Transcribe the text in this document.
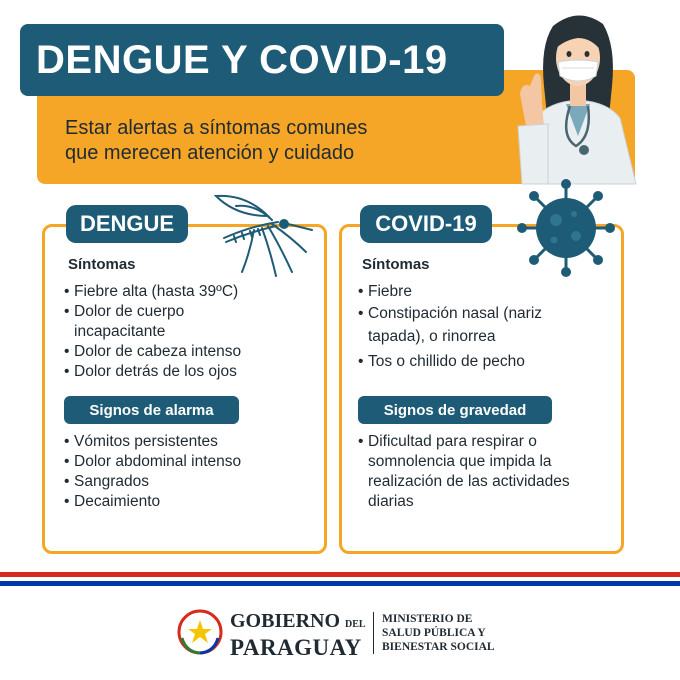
DENGUE Y COVID-19
Estar alertas a síntomas comunes
que merecen atención y cuidado
DENGUE
Síntomas
• Fiebre alta (hasta 39ºC)
• Dolor de cuerpo incapacitante
• Dolor de cabeza intenso
• Dolor detrás de los ojos
Signos de alarma
• Vómitos persistentes
• Dolor abdominal intenso
• Sangrados
• Decaimiento
COVID-19
Síntomas
• Fiebre
• Constipación nasal (nariz tapada), o rinorrea
• Tos o chillido de pecho
Signos de gravedad
• Dificultad para respirar o somnolencia que impida la realización de las actividades diarias
GOBIERNO DEL
PARAGUAY
MINISTERIO DE
SALUD PÚBLICA Y
BIENESTAR SOCIAL
